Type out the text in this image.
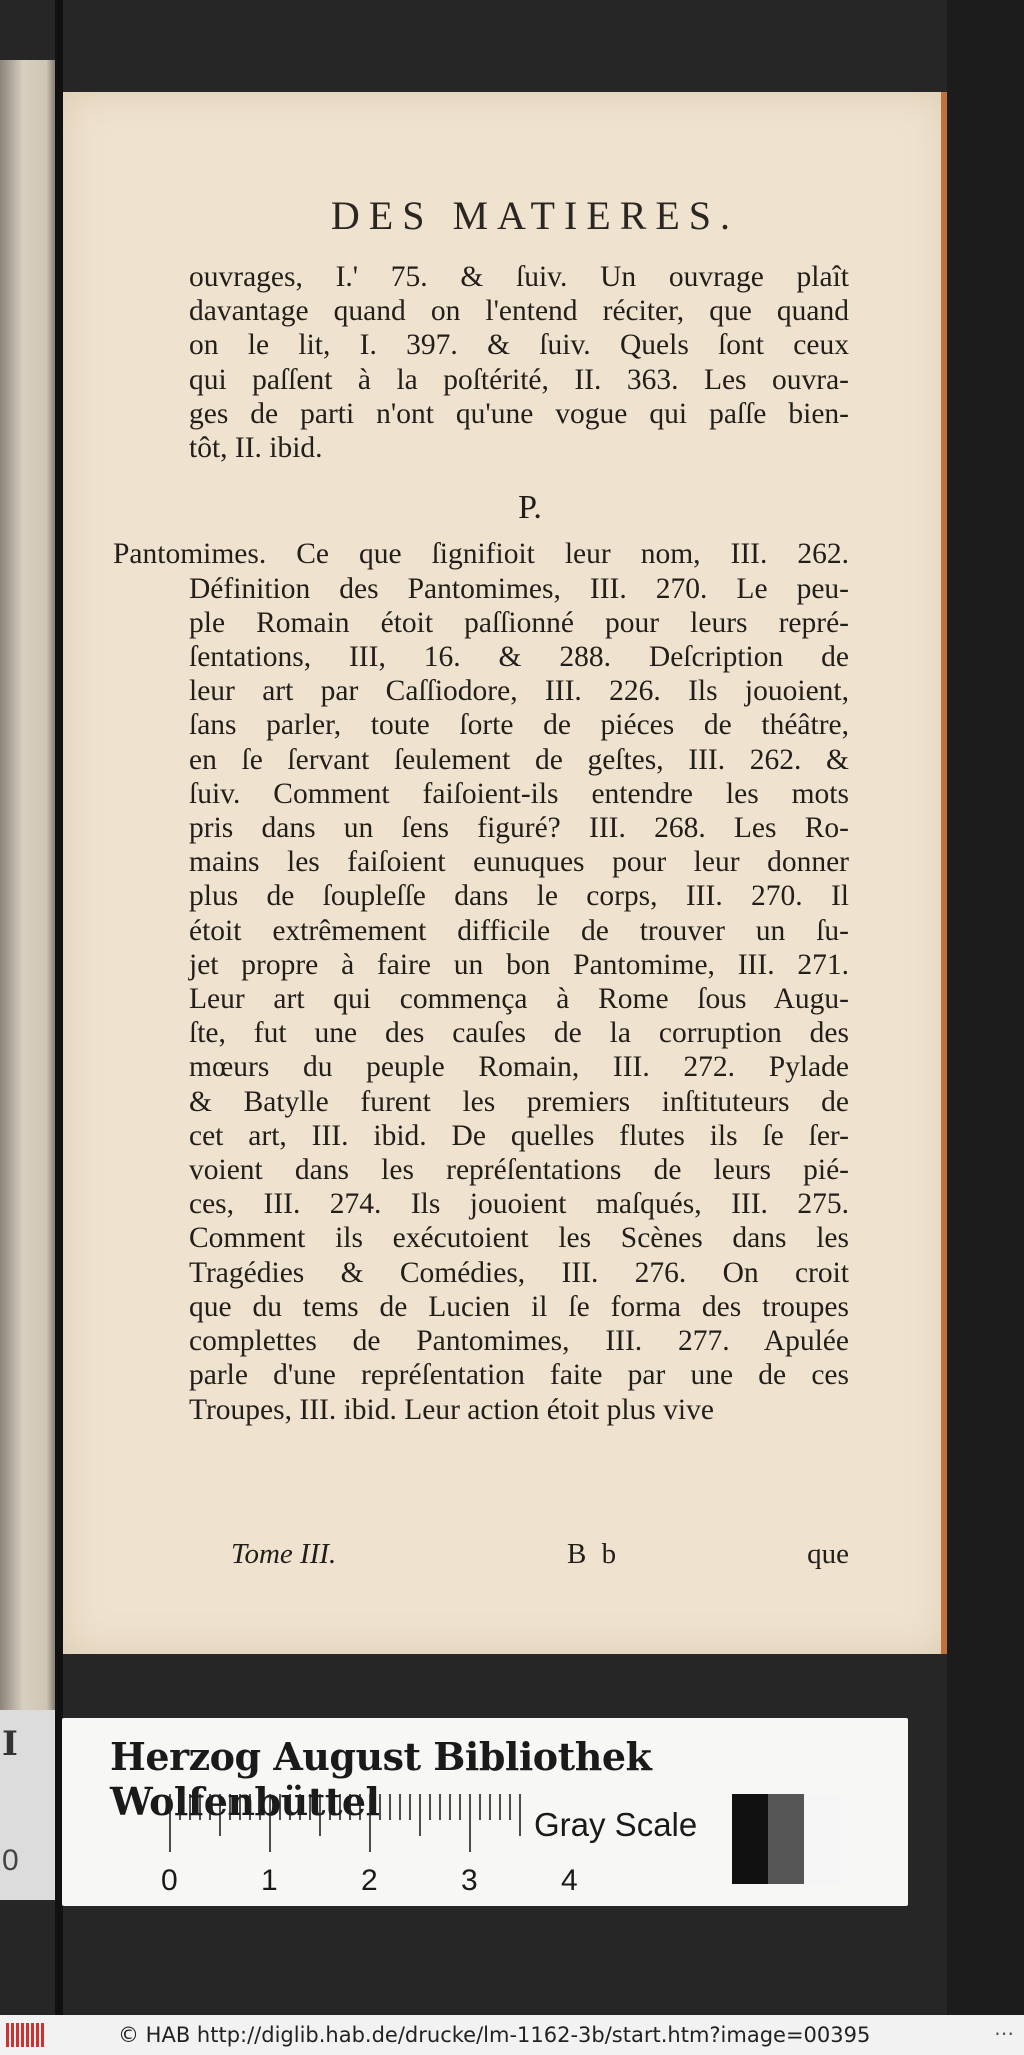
DES MATIERES.
ouvrages, I.' 75. & ſuiv. Un ouvrage plaît
davantage quand on l'entend réciter, que quand
on le lit, I. 397. & ſuiv. Quels ſont ceux
qui paſſent à la poſtérité, II. 363. Les ouvra-
ges de parti n'ont qu'une vogue qui paſſe bien-
tôt, II. ibid.
P.
Pantomimes. Ce que ſignifioit leur nom, III. 262.
Définition des Pantomimes, III. 270. Le peu-
ple Romain étoit paſſionné pour leurs repré-
ſentations, III, 16. & 288. Deſcription de
leur art par Caſſiodore, III. 226. Ils jouoient,
ſans parler, toute ſorte de piéces de théâtre,
en ſe ſervant ſeulement de geſtes, III. 262. &
ſuiv. Comment faiſoient-ils entendre les mots
pris dans un ſens figuré? III. 268. Les Ro-
mains les faiſoient eunuques pour leur donner
plus de ſoupleſſe dans le corps, III. 270. Il
étoit extrêmement difficile de trouver un ſu-
jet propre à faire un bon Pantomime, III. 271.
Leur art qui commença à Rome ſous Augu-
ſte, fut une des cauſes de la corruption des
mœurs du peuple Romain, III. 272. Pylade
& Batylle furent les premiers inſtituteurs de
cet art, III. ibid. De quelles flutes ils ſe ſer-
voient dans les repréſentations de leurs pié-
ces, III. 274. Ils jouoient maſqués, III. 275.
Comment ils exécutoient les Scènes dans les
Tragédies & Comédies, III. 276. On croit
que du tems de Lucien il ſe forma des troupes
complettes de Pantomimes, III. 277. Apulée
parle d'une repréſentation faite par une de ces
Troupes, III. ibid. Leur action étoit plus vive
Tome III.	B b	que
I
0
Herzog August Bibliothek Wolfenbüttel
0	1	2	3	4
Gray Scale
© HAB http://diglib.hab.de/drucke/lm-1162-3b/start.htm?image=00395	⋯
